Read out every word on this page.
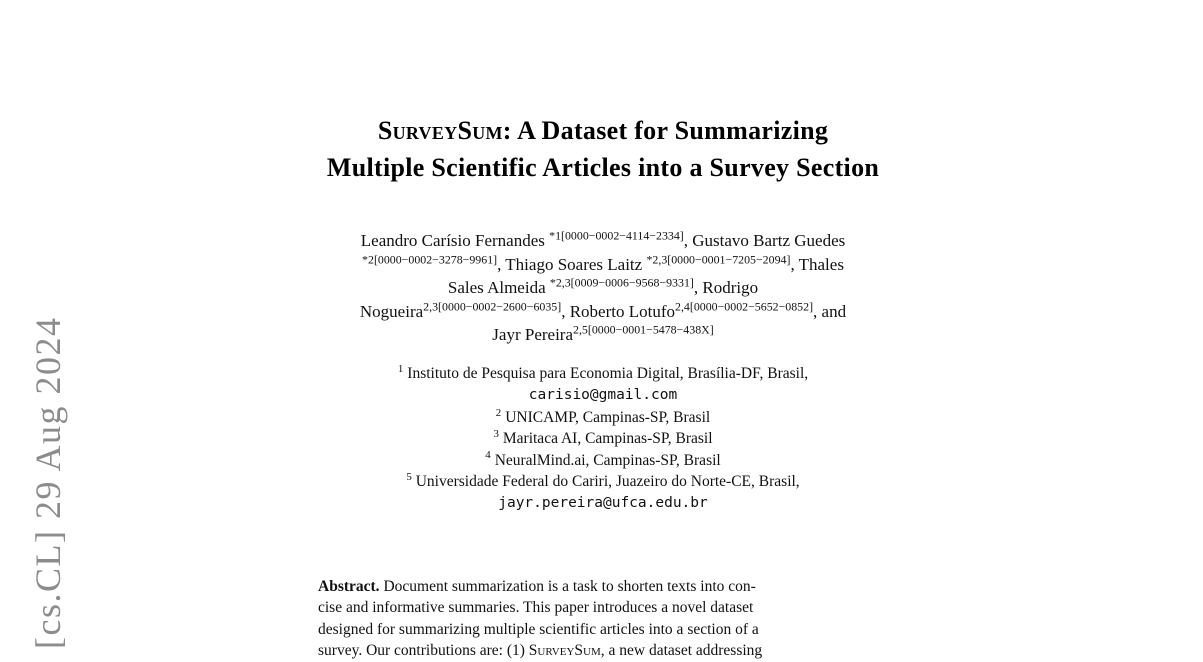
[cs.CL] 29 Aug 2024
SurveySum: A Dataset for Summarizing
Multiple Scientific Articles into a Survey Section
Leandro Carísio Fernandes $^{*1[0000-0002-4114-2334]}$, Gustavo Bartz Guedes
$^{*2[0000-0002-3278-9961]}$, Thiago Soares Laitz $^{*2,3[0000-0001-7205-2094]}$, Thales
Sales Almeida $^{*2,3[0009-0006-9568-9331]}$, Rodrigo
Nogueira$^{2,3[0000-0002-2600-6035]}$, Roberto Lotufo$^{2,4[0000-0002-5652-0852]}$, and
Jayr Pereira$^{2,5[0000-0001-5478-438X]}$
$^1$ Instituto de Pesquisa para Economia Digital, Brasília-DF, Brasil,
carisio@gmail.com
$^2$ UNICAMP, Campinas-SP, Brasil
$^3$ Maritaca AI, Campinas-SP, Brasil
$^4$ NeuralMind.ai, Campinas-SP, Brasil
$^5$ Universidade Federal do Cariri, Juazeiro do Norte-CE, Brasil,
jayr.pereira@ufca.edu.br
Abstract. Document summarization is a task to shorten texts into con-
cise and informative summaries. This paper introduces a novel dataset
designed for summarizing multiple scientific articles into a section of a
survey. Our contributions are: (1) SurveySum, a new dataset addressing
